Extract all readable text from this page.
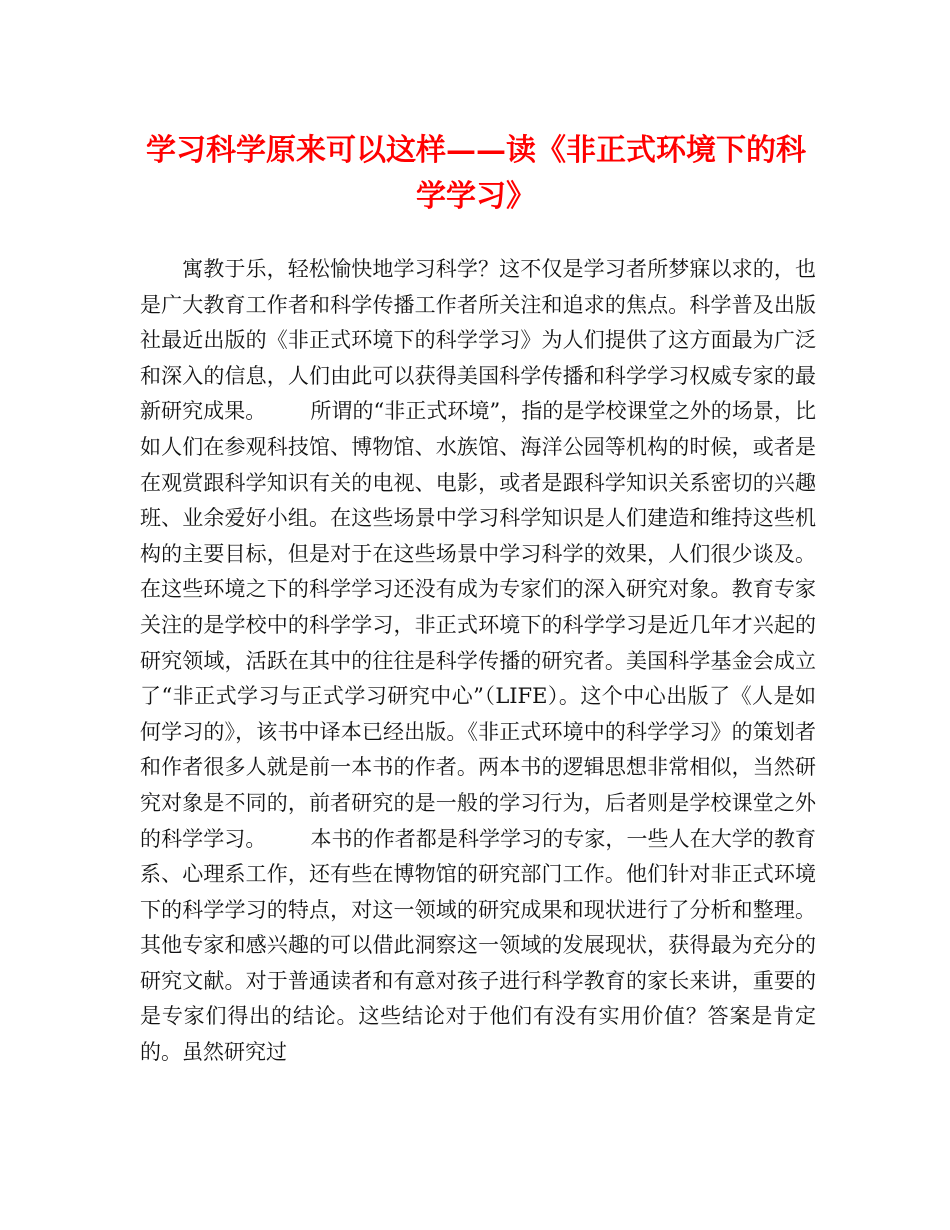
学习科学原来可以这样——读《非正式环境下的科学学习》

寓教于乐，轻松愉快地学习科学？这不仅是学习者所梦寐以求的，也是广大教育工作者和科学传播工作者所关注和追求的焦点。科学普及出版社最近出版的《非正式环境下的科学学习》为人们提供了这方面最为广泛和深入的信息，人们由此可以获得美国科学传播和科学学习权威专家的最新研究成果。 所谓的“非正式环境”，指的是学校课堂之外的场景，比如人们在参观科技馆、博物馆、水族馆、海洋公园等机构的时候，或者是在观赏跟科学知识有关的电视、电影，或者是跟科学知识关系密切的兴趣班、业余爱好小组。在这些场景中学习科学知识是人们建造和维持这些机构的主要目标，但是对于在这些场景中学习科学的效果，人们很少谈及。在这些环境之下的科学学习还没有成为专家们的深入研究对象。教育专家关注的是学校中的科学学习，非正式环境下的科学学习是近几年才兴起的研究领域，活跃在其中的往往是科学传播的研究者。美国科学基金会成立了“非正式学习与正式学习研究中心”（LIFE）。这个中心出版了《人是如何学习的》，该书中译本已经出版。《非正式环境中的科学学习》的策划者和作者很多人就是前一本书的作者。两本书的逻辑思想非常相似，当然研究对象是不同的，前者研究的是一般的学习行为，后者则是学校课堂之外的科学学习。 本书的作者都是科学学习的专家，一些人在大学的教育系、心理系工作，还有些在博物馆的研究部门工作。他们针对非正式环境下的科学学习的特点，对这一领域的研究成果和现状进行了分析和整理。其他专家和感兴趣的可以借此洞察这一领域的发展现状，获得最为充分的研究文献。对于普通读者和有意对孩子进行科学教育的家长来讲，重要的是专家们得出的结论。这些结论对于他们有没有实用价值？答案是肯定的。虽然研究过
